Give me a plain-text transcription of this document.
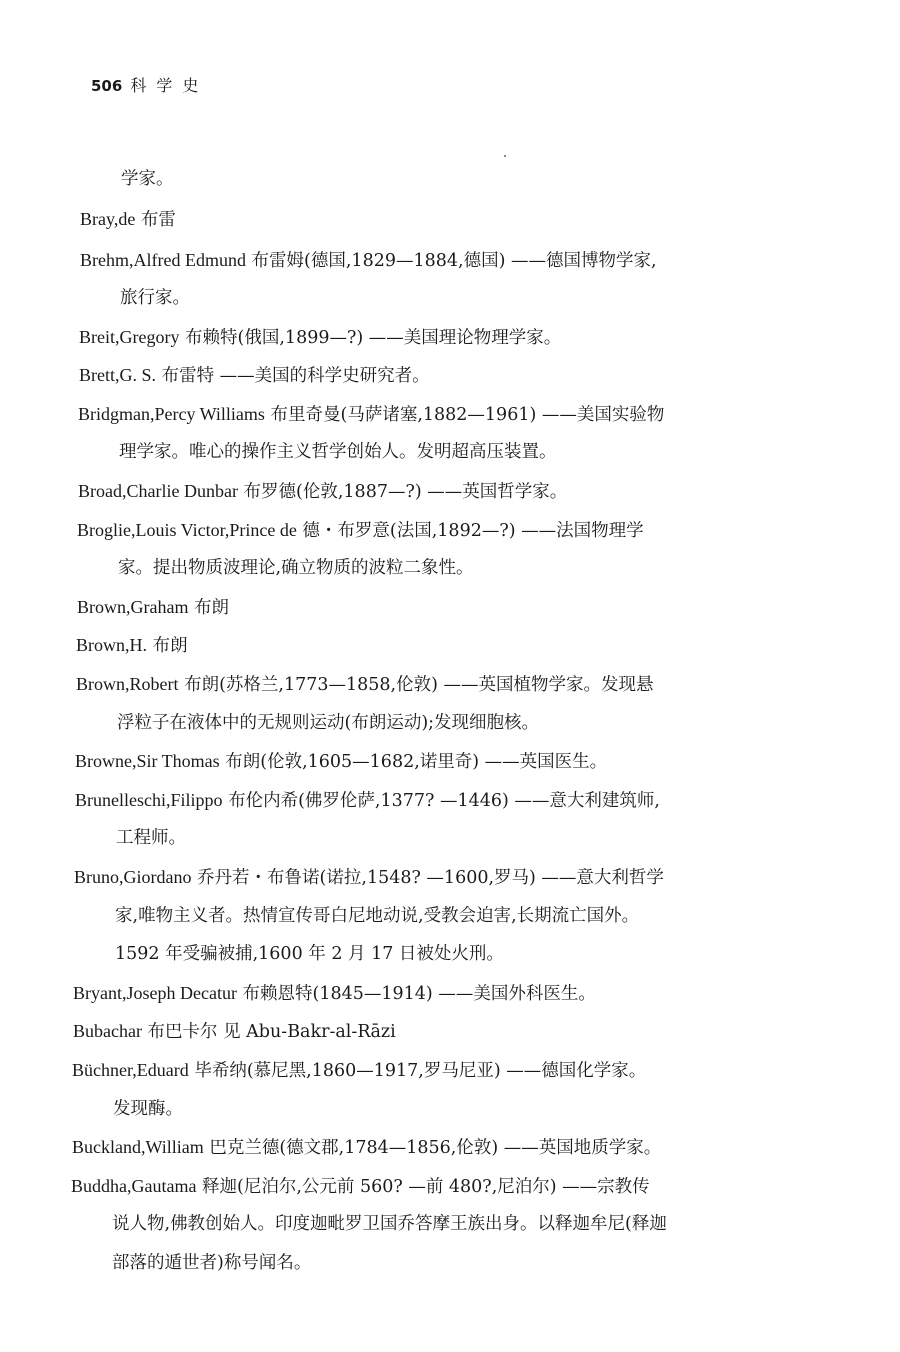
506 科学史
学家。
Bray,de 布雷
Brehm,Alfred Edmund 布雷姆(德国,1829—1884,德国) ——德国博物学家,
旅行家。
Breit,Gregory 布赖特(俄国,1899—?) ——美国理论物理学家。
Brett,G. S. 布雷特 ——美国的科学史研究者。
Bridgman,Percy Williams 布里奇曼(马萨诸塞,1882—1961) ——美国实验物
理学家。唯心的操作主义哲学创始人。发明超高压装置。
Broad,Charlie Dunbar 布罗德(伦敦,1887—?) ——英国哲学家。
Broglie,Louis Victor,Prince de 德・布罗意(法国,1892—?) ——法国物理学
家。提出物质波理论,确立物质的波粒二象性。
Brown,Graham 布朗
Brown,H. 布朗
Brown,Robert 布朗(苏格兰,1773—1858,伦敦) ——英国植物学家。发现悬
浮粒子在液体中的无规则运动(布朗运动);发现细胞核。
Browne,Sir Thomas 布朗(伦敦,1605—1682,诺里奇) ——英国医生。
Brunelleschi,Filippo 布伦内希(佛罗伦萨,1377? —1446) ——意大利建筑师,
工程师。
Bruno,Giordano 乔丹若・布鲁诺(诺拉,1548? —1600,罗马) ——意大利哲学
家,唯物主义者。热情宣传哥白尼地动说,受教会迫害,长期流亡国外。
1592 年受骗被捕,1600 年 2 月 17 日被处火刑。
Bryant,Joseph Decatur 布赖恩特(1845—1914) ——美国外科医生。
Bubachar 布巴卡尔 见 Abu-Bakr-al-Rāzi
Büchner,Eduard 毕希纳(慕尼黑,1860—1917,罗马尼亚) ——德国化学家。
发现酶。
Buckland,William 巴克兰德(德文郡,1784—1856,伦敦) ——英国地质学家。
Buddha,Gautama 释迦(尼泊尔,公元前 560? —前 480?,尼泊尔) ——宗教传
说人物,佛教创始人。印度迦毗罗卫国乔答摩王族出身。以释迦牟尼(释迦
部落的遁世者)称号闻名。
